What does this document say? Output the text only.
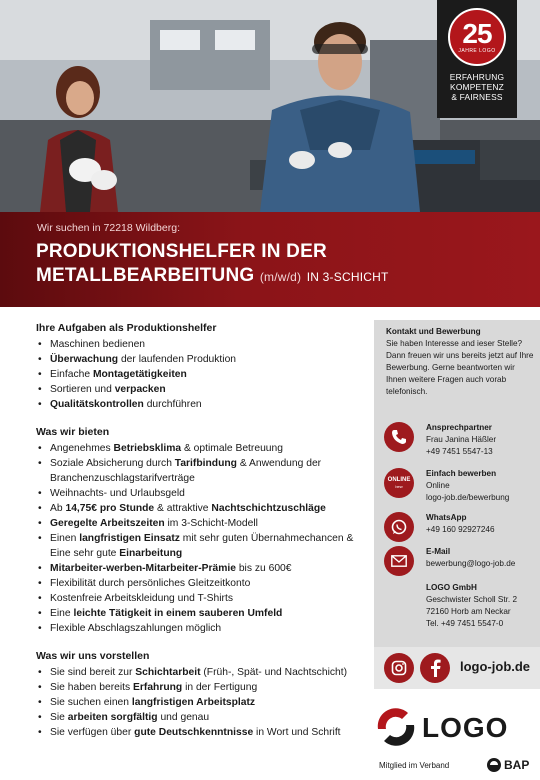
25
JAHRE LOGO
ERFAHRUNG
KOMPETENZ
& FAIRNESS
Wir suchen in 72218 Wildberg:
PRODUKTIONSHELFER IN DER
METALLBEARBEITUNG (m/w/d) IN 3-SCHICHT
Ihre Aufgaben als Produktionshelfer
• Maschinen bedienen
• Überwachung der laufenden Produktion
• Einfache Montagetätigkeiten
• Sortieren und verpacken
• Qualitätskontrollen durchführen
Was wir bieten
• Angenehmes Betriebsklima & optimale Betreuung
• Soziale Absicherung durch Tarifbindung & Anwendung der Branchenzuschlagstarifverträge
• Weihnachts- und Urlaubsgeld
• Ab 14,75€ pro Stunde & attraktive Nachtschichtzuschläge
• Geregelte Arbeitszeiten im 3-Schicht-Modell
• Einen langfristigen Einsatz mit sehr guten Übernahmechancen & Eine sehr gute Einarbeitung
• Mitarbeiter-werben-Mitarbeiter-Prämie bis zu 600€
• Flexibilität durch persönliches Gleitzeitkonto
• Kostenfreie Arbeitskleidung und T-Shirts
• Eine leichte Tätigkeit in einem sauberen Umfeld
• Flexible Abschlagszahlungen möglich
Was wir uns vorstellen
• Sie sind bereit zur Schichtarbeit (Früh-, Spät- und Nachtschicht)
• Sie haben bereits Erfahrung in der Fertigung
• Sie suchen einen langfristigen Arbeitsplatz
• Sie arbeiten sorgfältig und genau
• Sie verfügen über gute Deutschkenntnisse in Wort und Schrift
Kontakt und Bewerbung
Sie haben Interesse and ieser Stelle? Dann freuen wir uns bereits jetzt auf Ihre Bewerbung. Gerne beantworten wir Ihnen weitere Fragen auch vorab telefonisch.
Ansprechpartner
Frau Janina Häßler
+49 7451 5547-13
ONLINE
bew
Einfach bewerben
Online
logo-job.de/bewerbung
WhatsApp
+49 160 92927246
E-Mail
bewerbung@logo-job.de
LOGO GmbH
Geschwister Scholl Str. 2
72160 Horb am Neckar
Tel. +49 7451 5547-0
logo-job.de
LOGO
Mitglied im Verband	BAP
